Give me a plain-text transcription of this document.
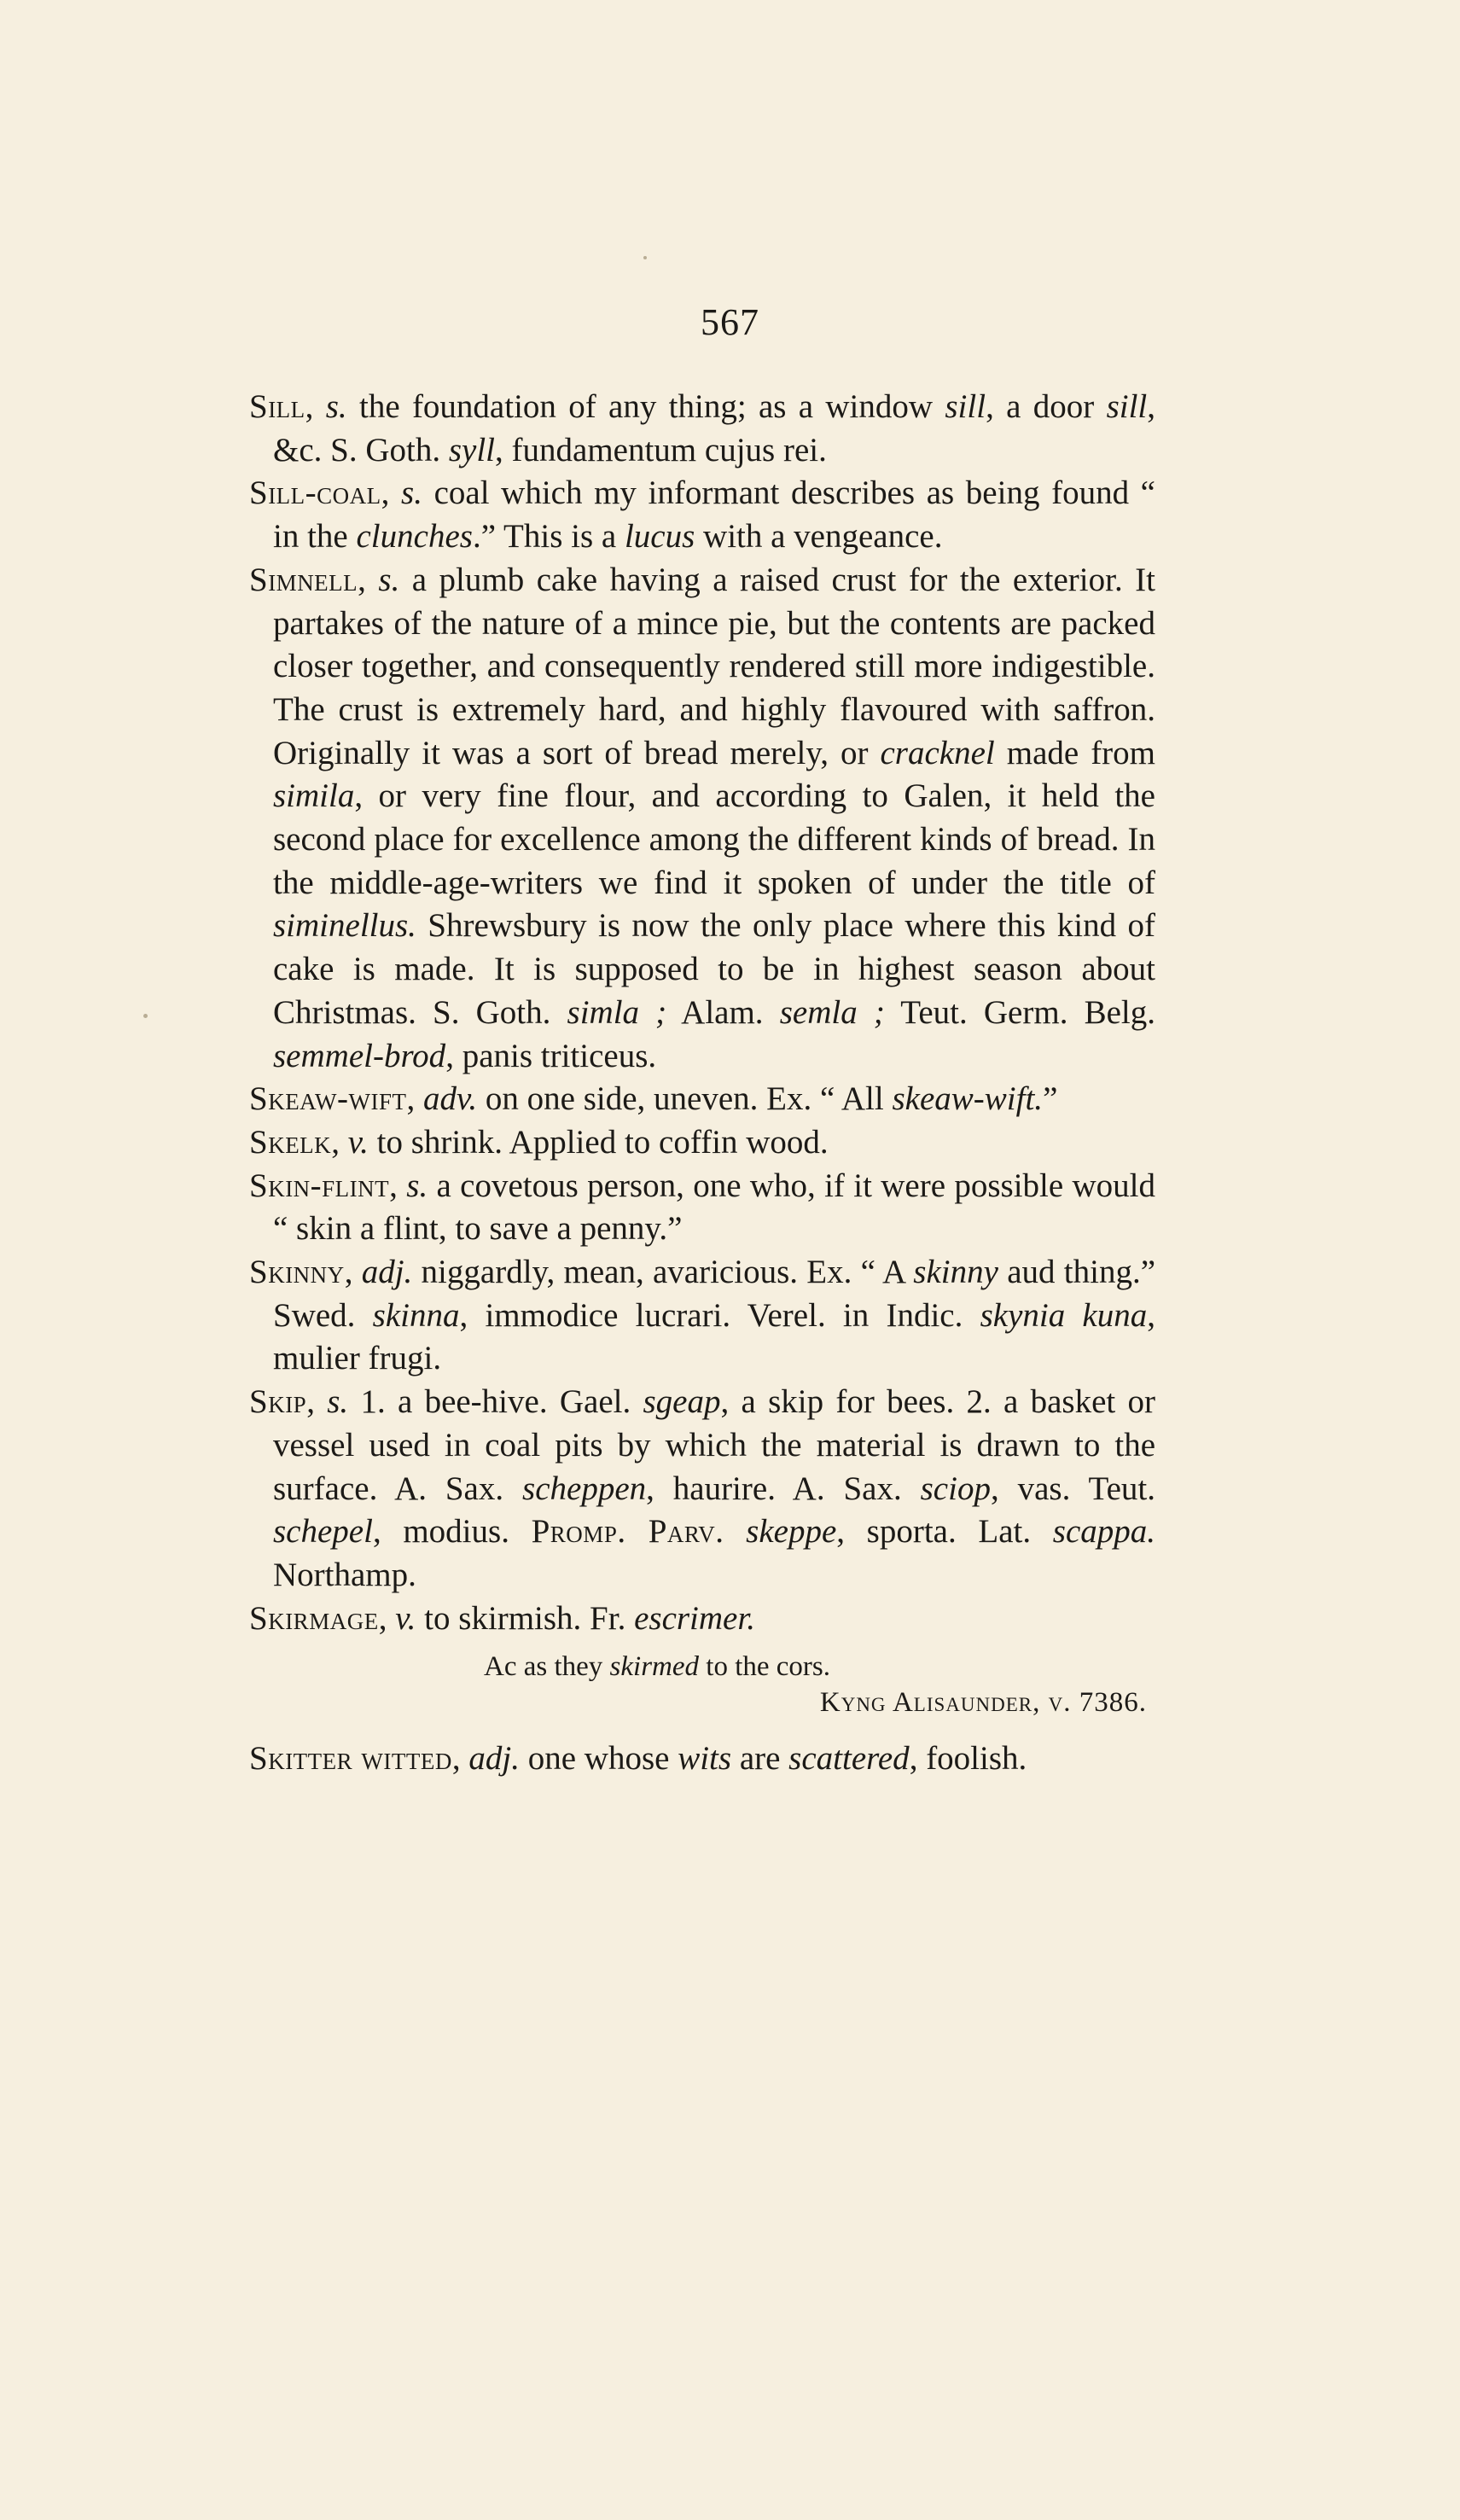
567

Sill, s. the foundation of any thing; as a window sill, a door sill, &c. S. Goth. syll, fundamentum cujus rei.

Sill-coal, s. coal which my informant describes as being found “ in the clunches.” This is a lucus with a vengeance.

Simnell, s. a plumb cake having a raised crust for the exterior. It partakes of the nature of a mince pie, but the contents are packed closer together, and consequently rendered still more indigestible. The crust is extremely hard, and highly flavoured with saffron. Originally it was a sort of bread merely, or cracknel made from simila, or very fine flour, and according to Galen, it held the second place for excellence among the different kinds of bread. In the middle-age-writers we find it spoken of under the title of siminellus. Shrewsbury is now the only place where this kind of cake is made. It is supposed to be in highest season about Christmas. S. Goth. simla ; Alam. semla ; Teut. Germ. Belg. semmel-brod, panis triticeus.

Skeaw-wift, adv. on one side, uneven. Ex. “ All skeaw-wift.”

Skelk, v. to shrink. Applied to coffin wood.

Skin-flint, s. a covetous person, one who, if it were possible would “ skin a flint, to save a penny.”

Skinny, adj. niggardly, mean, avaricious. Ex. “ A skinny aud thing.” Swed. skinna, immodice lucrari. Verel. in Indic. skynia kuna, mulier frugi.

Skip, s. 1. a bee-hive. Gael. sgeap, a skip for bees. 2. a basket or vessel used in coal pits by which the material is drawn to the surface. A. Sax. scheppen, haurire. A. Sax. sciop, vas. Teut. schepel, modius. Promp. Parv. skeppe, sporta. Lat. scappa. Northamp.

Skirmage, v. to skirmish. Fr. escrimer.

Ac as they skirmed to the cors.
Kyng Alisaunder, v. 7386.

Skitter witted, adj. one whose wits are scattered, foolish.
